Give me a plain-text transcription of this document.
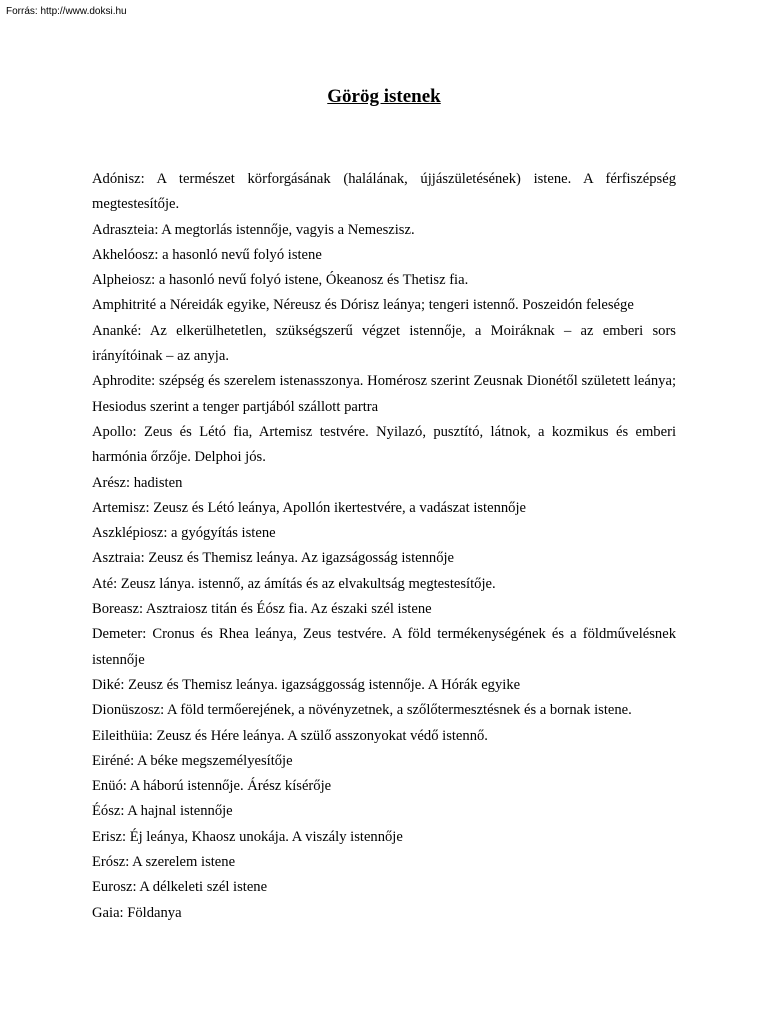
Forrás: http://www.doksi.hu
Görög istenek
Adónisz: A természet körforgásának (halálának, újjászületésének) istene. A férfiszépség megtestesítője.
Adraszteia: A megtorlás istennője, vagyis a Nemeszisz.
Akhelóosz: a hasonló nevű folyó istene
Alpheiosz: a hasonló nevű folyó istene, Ókeanosz és Thetisz fia.
Amphitrité a Néreidák egyike, Néreusz és Dórisz leánya; tengeri istennő. Poszeidón felesége
Ananké: Az elkerülhetetlen, szükségszerű végzet istennője, a Moiráknak – az emberi sors irányítóinak – az anyja.
Aphrodite: szépség és szerelem istenasszonya. Homérosz szerint Zeusnak Dionétől született leánya; Hesiodus szerint a tenger partjából szállott partra
Apollo: Zeus és Létó fia, Artemisz testvére. Nyilazó, pusztító, látnok, a kozmikus és emberi harmónia őrzője. Delphoi jós.
Arész: hadisten
Artemisz: Zeusz és Létó leánya, Apollón ikertestvére, a vadászat istennője
Aszklépiosz: a gyógyítás istene
Asztraia: Zeusz és Themisz leánya. Az igazságosság istennője
Até: Zeusz lánya. istennő, az ámítás és az elvakultság megtestesítője.
Boreasz: Asztraiosz titán és Éósz fia. Az északi szél istene
Demeter: Cronus és Rhea leánya, Zeus testvére. A föld termékenységének és a földművelésnek istennője
Diké: Zeusz és Themisz leánya. igazsággosság istennője. A Hórák egyike
Dionüszosz: A föld termőerejének, a növényzetnek, a szőlőtermesztésnek és a bornak istene.
Eileithüia: Zeusz és Hére leánya. A szülő asszonyokat védő istennő.
Eiréné: A béke megszemélyesítője
Enüó: A háború istennője. Árész kísérője
Éósz: A hajnal istennője
Erisz: Éj leánya, Khaosz unokája. A viszály istennője
Erósz: A szerelem istene
Eurosz: A délkeleti szél istene
Gaia: Földanya
